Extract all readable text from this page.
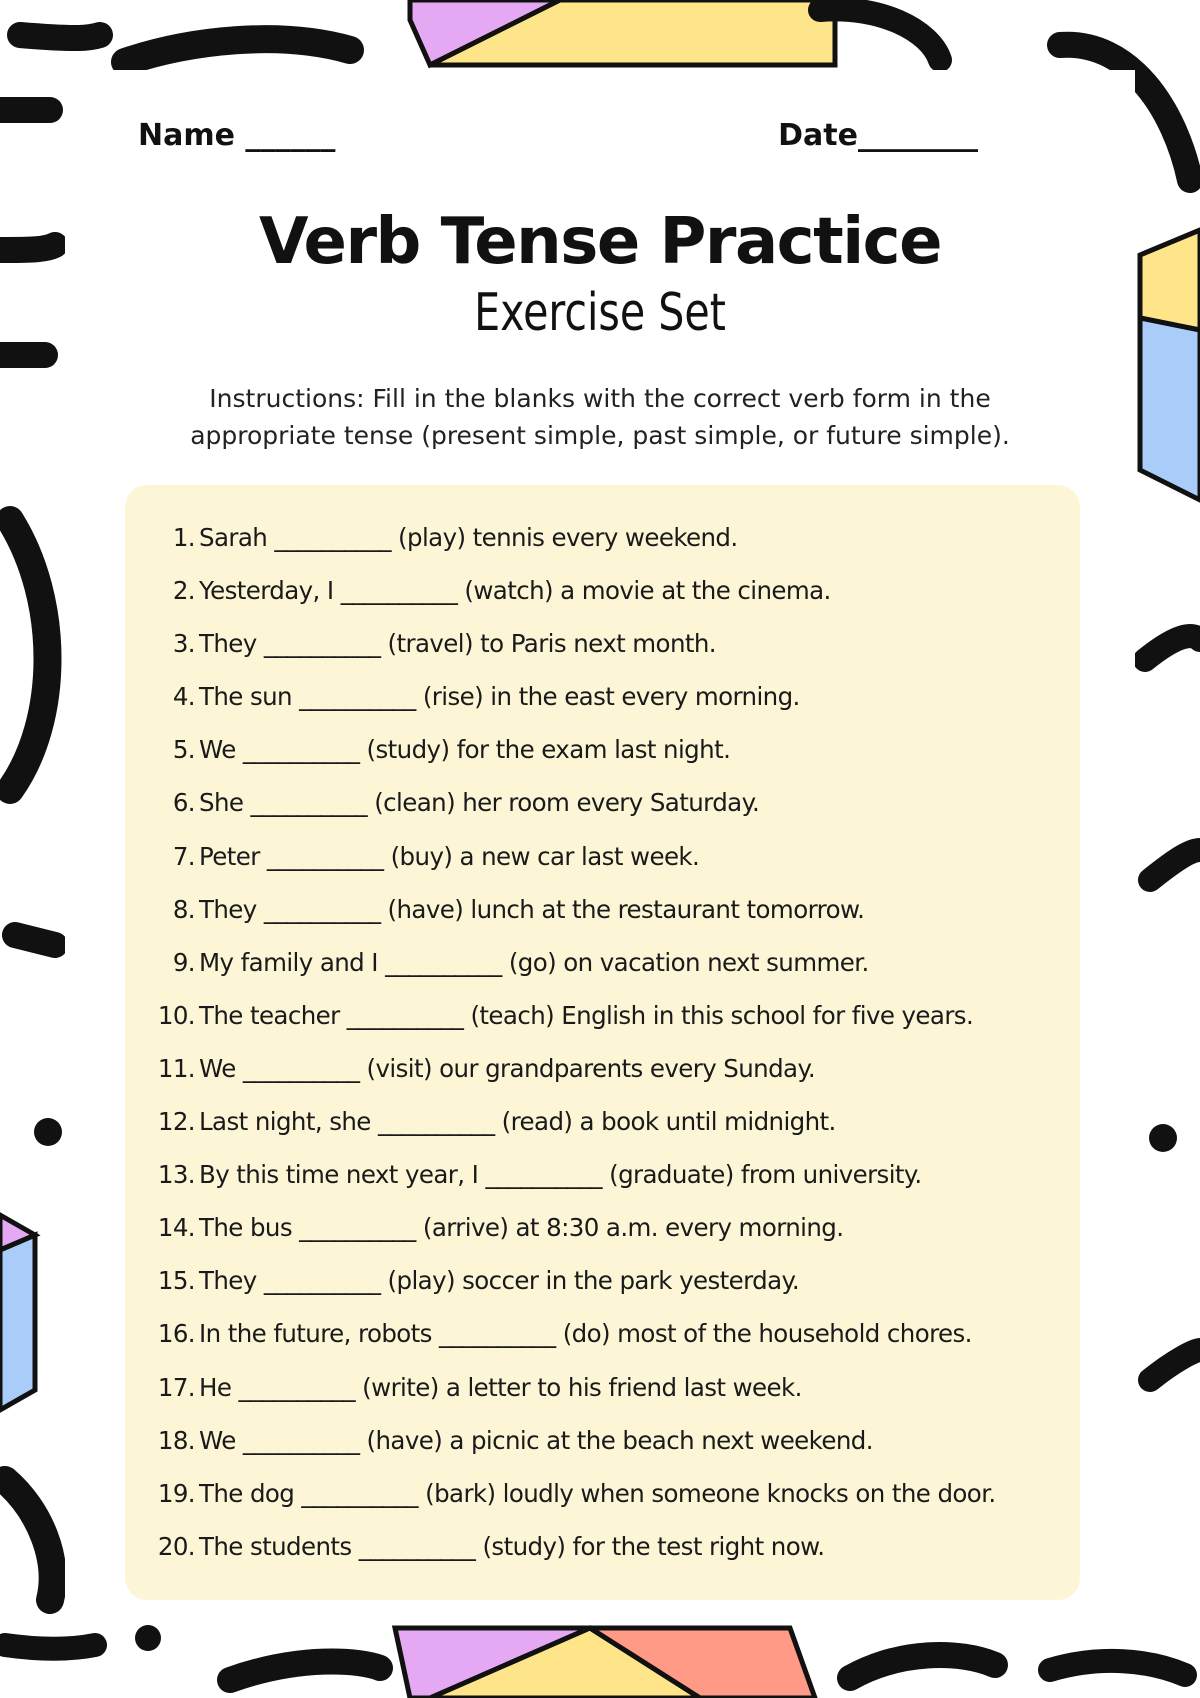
Name ______	Date________
Verb Tense Practice
Exercise Set
Instructions: Fill in the blanks with the correct verb form in the appropriate tense (present simple, past simple, or future simple).
1. Sarah __________ (play) tennis every weekend.
2. Yesterday, I __________ (watch) a movie at the cinema.
3. They __________ (travel) to Paris next month.
4. The sun __________ (rise) in the east every morning.
5. We __________ (study) for the exam last night.
6. She __________ (clean) her room every Saturday.
7. Peter __________ (buy) a new car last week.
8. They __________ (have) lunch at the restaurant tomorrow.
9. My family and I __________ (go) on vacation next summer.
10. The teacher __________ (teach) English in this school for five years.
11. We __________ (visit) our grandparents every Sunday.
12. Last night, she __________ (read) a book until midnight.
13. By this time next year, I __________ (graduate) from university.
14. The bus __________ (arrive) at 8:30 a.m. every morning.
15. They __________ (play) soccer in the park yesterday.
16. In the future, robots __________ (do) most of the household chores.
17. He __________ (write) a letter to his friend last week.
18. We __________ (have) a picnic at the beach next weekend.
19. The dog __________ (bark) loudly when someone knocks on the door.
20. The students __________ (study) for the test right now.
